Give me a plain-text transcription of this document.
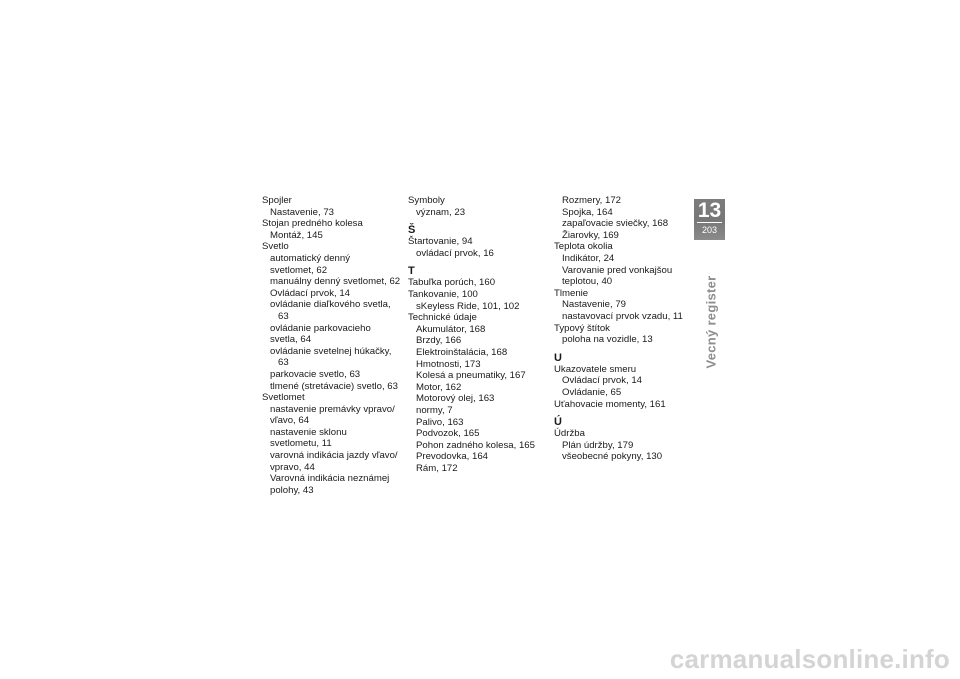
Spojler
Nastavenie, 73
Stojan predného kolesa
Montáž, 145
Svetlo
automatický denný
svetlomet, 62
manuálny denný svetlomet, 62
Ovládací prvok, 14
ovládanie diaľkového svetla, 63
ovládanie parkovacieho
svetla, 64
ovládanie svetelnej húkačky, 63
parkovacie svetlo, 63
tlmené (stretávacie) svetlo, 63
Svetlomet
nastavenie premávky vpravo/
vľavo, 64
nastavenie sklonu
svetlometu, 11
varovná indikácia jazdy vľavo/
vpravo, 44
Varovná indikácia neznámej
polohy, 43
Symboly
význam, 23
Š
Štartovanie, 94
ovládací prvok, 16
T
Tabuľka porúch, 160
Tankovanie, 100
sKeyless Ride, 101, 102
Technické údaje
Akumulátor, 168
Brzdy, 166
Elektroinštalácia, 168
Hmotnosti, 173
Kolesá a pneumatiky, 167
Motor, 162
Motorový olej, 163
normy, 7
Palivo, 163
Podvozok, 165
Pohon zadného kolesa, 165
Prevodovka, 164
Rám, 172
Rozmery, 172
Spojka, 164
zapaľovacie sviečky, 168
Žiarovky, 169
Teplota okolia
Indikátor, 24
Varovanie pred vonkajšou
teplotou, 40
Tlmenie
Nastavenie, 79
nastavovací prvok vzadu, 11
Typový štítok
poloha na vozidle, 13
U
Ukazovatele smeru
Ovládací prvok, 14
Ovládanie, 65
Uťahovacie momenty, 161
Ú
Údržba
Plán údržby, 179
všeobecné pokyny, 130
13
203
Vecný register
carmanualsonline.info
